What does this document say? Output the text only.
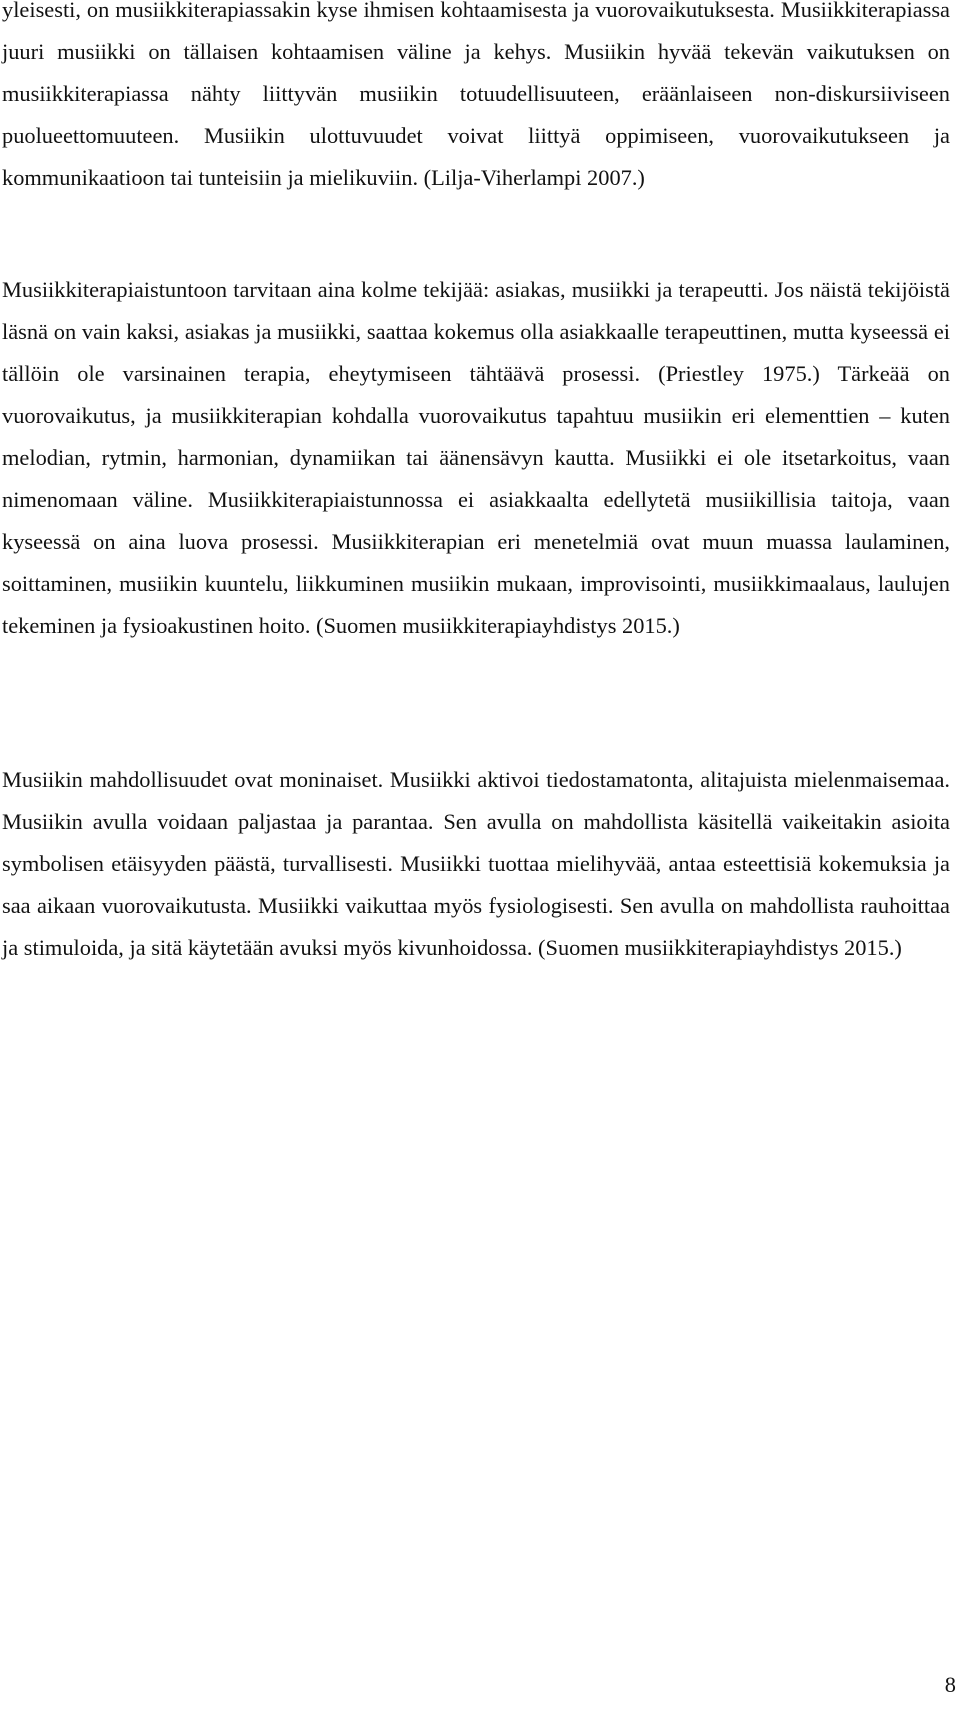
yleisesti, on musiikkiterapiassakin kyse ihmisen kohtaamisesta ja vuorovaikutuksesta. Musiikkiterapiassa juuri musiikki on tällaisen kohtaamisen väline ja kehys. Musiikin hyvää tekevän vaikutuksen on musiikkiterapiassa nähty liittyvän musiikin totuudellisuuteen, eräänlaiseen non-diskursiiviseen puolueettomuuteen. Musiikin ulottuvuudet voivat liittyä oppimiseen, vuorovaikutukseen ja kommunikaatioon tai tunteisiin ja mielikuviin. (Lilja-Viherlampi 2007.)

Musiikkiterapiaistuntoon tarvitaan aina kolme tekijää: asiakas, musiikki ja terapeutti. Jos näistä tekijöistä läsnä on vain kaksi, asiakas ja musiikki, saattaa kokemus olla asiakkaalle terapeuttinen, mutta kyseessä ei tällöin ole varsinainen terapia, eheytymiseen tähtäävä prosessi. (Priestley 1975.) Tärkeää on vuorovaikutus, ja musiikkiterapian kohdalla vuorovaikutus tapahtuu musiikin eri elementtien – kuten melodian, rytmin, harmonian, dynamiikan tai äänensävyn kautta. Musiikki ei ole itsetarkoitus, vaan nimenomaan väline. Musiikkiterapiaistunnossa ei asiakkaalta edellytetä musiikillisia taitoja, vaan kyseessä on aina luova prosessi. Musiikkiterapian eri menetelmiä ovat muun muassa laulaminen, soittaminen, musiikin kuuntelu, liikkuminen musiikin mukaan, improvisointi, musiikkimaalaus, laulujen tekeminen ja fysioakustinen hoito. (Suomen musiikkiterapiayhdistys 2015.)

Musiikin mahdollisuudet ovat moninaiset. Musiikki aktivoi tiedostamatonta, alitajuista mielenmaisemaa. Musiikin avulla voidaan paljastaa ja parantaa. Sen avulla on mahdollista käsitellä vaikeitakin asioita symbolisen etäisyyden päästä, turvallisesti. Musiikki tuottaa mielihyvää, antaa esteettisiä kokemuksia ja saa aikaan vuorovaikutusta. Musiikki vaikuttaa myös fysiologisesti. Sen avulla on mahdollista rauhoittaa ja stimuloida, ja sitä käytetään avuksi myös kivunhoidossa. (Suomen musiikkiterapiayhdistys 2015.)

8
